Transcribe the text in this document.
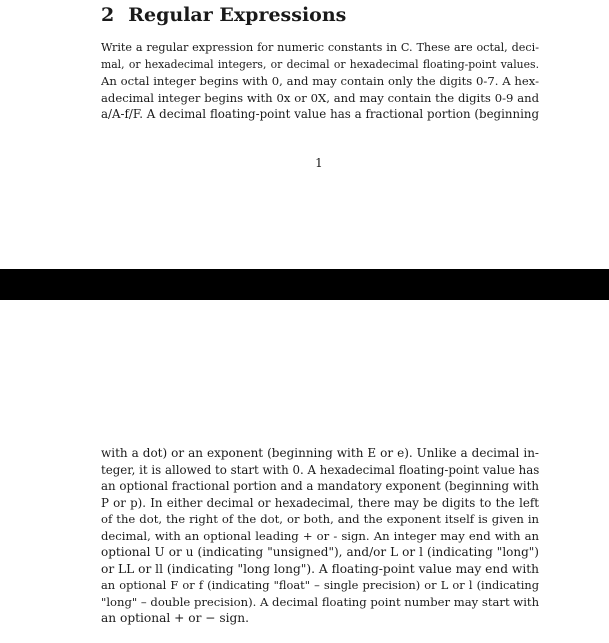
2 Regular Expressions
Write a regular expression for numeric constants in C. These are octal, deci-
mal, or hexadecimal integers, or decimal or hexadecimal floating-point values.
An octal integer begins with 0, and may contain only the digits 0-7. A hex-
adecimal integer begins with 0x or 0X, and may contain the digits 0-9 and
a/A-f/F. A decimal floating-point value has a fractional portion (beginning
1
with a dot) or an exponent (beginning with E or e). Unlike a decimal in-
teger, it is allowed to start with 0. A hexadecimal floating-point value has
an optional fractional portion and a mandatory exponent (beginning with
P or p). In either decimal or hexadecimal, there may be digits to the left
of the dot, the right of the dot, or both, and the exponent itself is given in
decimal, with an optional leading + or - sign. An integer may end with an
optional U or u (indicating "unsigned"), and/or L or l (indicating "long")
or LL or ll (indicating "long long"). A floating-point value may end with
an optional F or f (indicating "float" – single precision) or L or l (indicating
"long" – double precision). A decimal floating point number may start with
an optional + or − sign.
